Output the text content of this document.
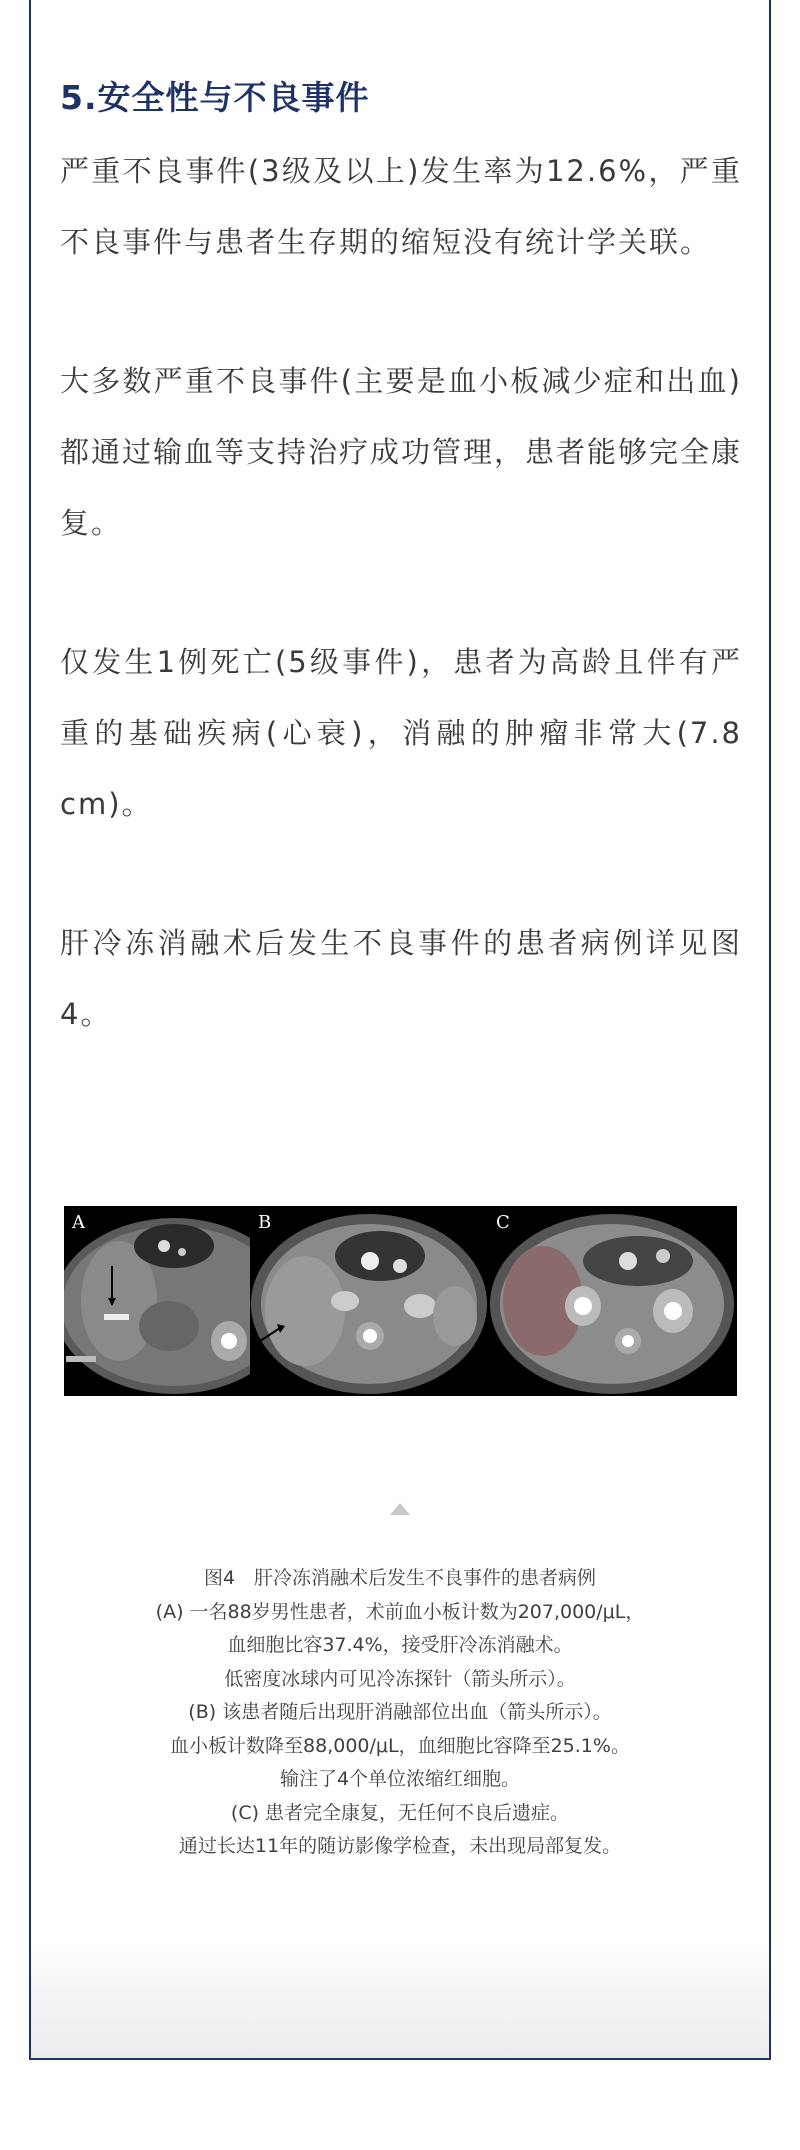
5.安全性与不良事件
严重不良事件(3级及以上)发生率为12.6%，严重不良事件与患者生存期的缩短没有统计学关联。
大多数严重不良事件(主要是血小板减少症和出血)都通过输血等支持治疗成功管理，患者能够完全康复。
仅发生1例死亡(5级事件)，患者为高龄且伴有严重的基础疾病(心衰)，消融的肿瘤非常大(7.8 cm)。
肝冷冻消融术后发生不良事件的患者病例详见图4。
A	B	C
图4　肝冷冻消融术后发生不良事件的患者病例
(A) 一名88岁男性患者，术前血小板计数为207,000/μL，
血细胞比容37.4%，接受肝冷冻消融术。
低密度冰球内可见冷冻探针（箭头所示）。
(B) 该患者随后出现肝消融部位出血（箭头所示）。
血小板计数降至88,000/μL，血细胞比容降至25.1%。
输注了4个单位浓缩红细胞。
(C) 患者完全康复，无任何不良后遗症。
通过长达11年的随访影像学检查，未出现局部复发。
